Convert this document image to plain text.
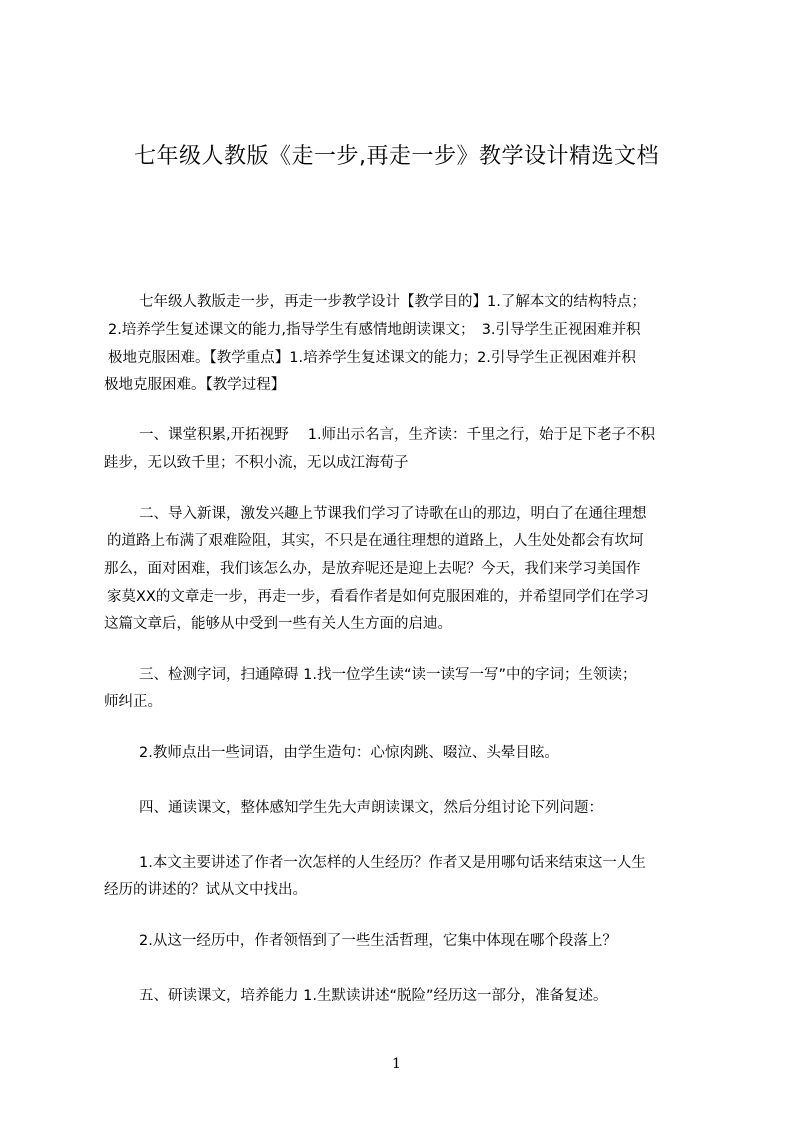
七年级人教版《走一步,再走一步》教学设计精选文档
七年级人教版走一步，再走一步教学设计【教学目的】1.了解本文的结构特点；
2.培养学生复述课文的能力,指导学生有感情地朗读课文；　3.引导学生正视困难并积
极地克服困难。【教学重点】1.培养学生复述课文的能力；2.引导学生正视困难并积
极地克服困难。【教学过程】
一、课堂积累,开拓视野　 1.师出示名言，生齐读：千里之行，始于足下老子不积
跬步，无以致千里；不积小流，无以成江海荀子
二、导入新课，激发兴趣上节课我们学习了诗歌在山的那边，明白了在通往理想
的道路上布满了艰难险阻，其实，不只是在通往理想的道路上，人生处处都会有坎坷
那么，面对困难，我们该怎么办，是放弃呢还是迎上去呢？今天，我们来学习美国作
家莫XX的文章走一步，再走一步，看看作者是如何克服困难的，并希望同学们在学习
这篇文章后，能够从中受到一些有关人生方面的启迪。
三、检测字词，扫通障碍 1.找一位学生读“读一读写一写”中的字词；生领读；
师纠正。
2.教师点出一些词语，由学生造句：心惊肉跳、啜泣、头晕目眩。
四、通读课文，整体感知学生先大声朗读课文，然后分组讨论下列问题：
1.本文主要讲述了作者一次怎样的人生经历？作者又是用哪句话来结束这一人生
经历的讲述的？试从文中找出。
2.从这一经历中，作者领悟到了一些生活哲理，它集中体现在哪个段落上？
五、研读课文，培养能力 1.生默读讲述“脱险”经历这一部分，准备复述。
1
